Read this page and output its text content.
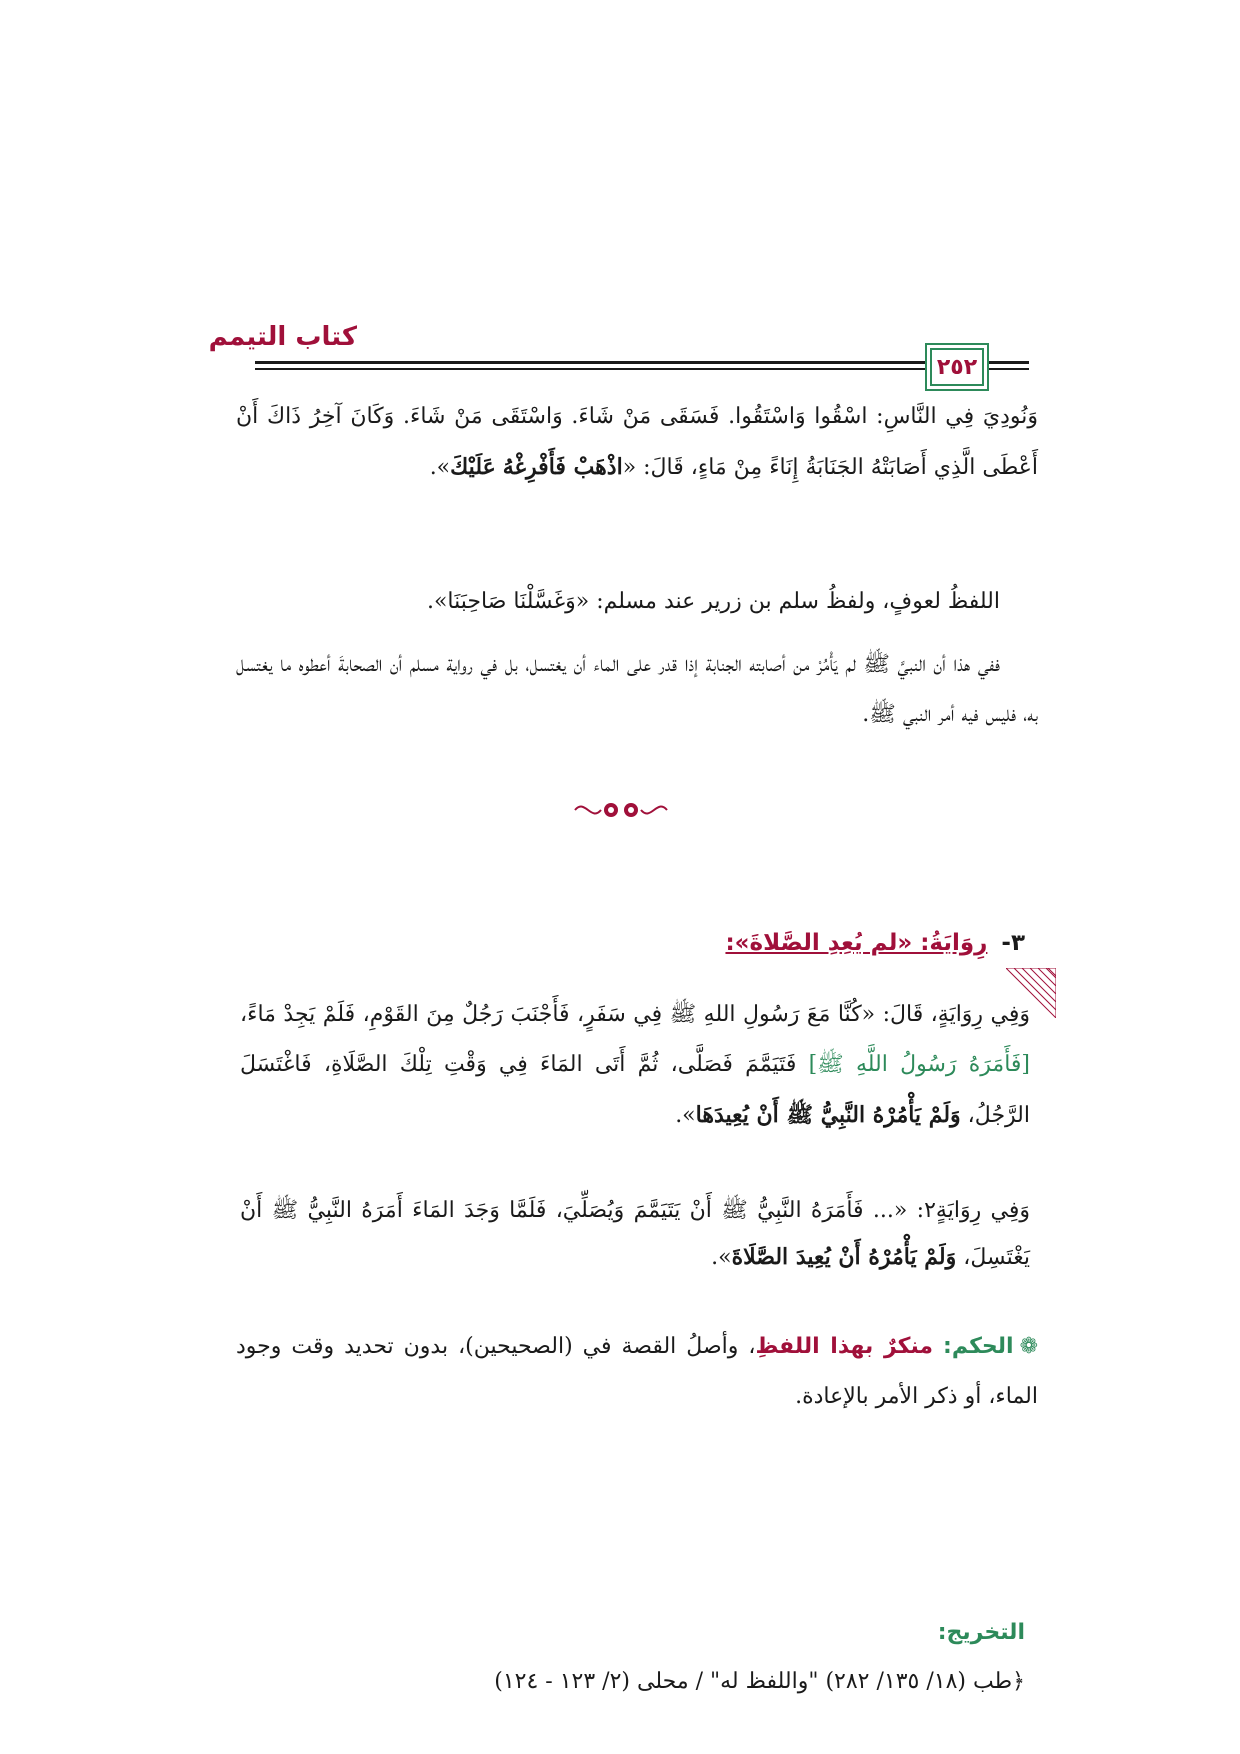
كتاب التيمم
٢٥٢
وَنُودِيَ فِي النَّاسِ: اسْقُوا وَاسْتَقُوا. فَسَقَى مَنْ شَاءَ. وَاسْتَقَى مَنْ شَاءَ. وَكَانَ آخِرُ ذَاكَ أَنْ أَعْطَى الَّذِي أَصَابَتْهُ الجَنَابَةُ إِنَاءً مِنْ مَاءٍ، قَالَ: «اذْهَبْ فَأَفْرِغْهُ عَلَيْكَ».
اللفظُ لعوفٍ، ولفظُ سلم بن زرير عند مسلم: «وَغَسَّلْنَا صَاحِبَنَا».
ففي هذا أن النبيَّ ﷺ لم يَأْمُرْ من أصابته الجنابة إذا قدر على الماء أن يغتسل، بل في رواية مسلم أن الصحابةَ أعطوه ما يغتسل به، فليس فيه أمر النبي ﷺ.
٣-رِوَايَةُ: «لم يُعِدِ الصَّلاةَ»:
وَفِي رِوَايَةٍ، قَالَ: «كُنَّا مَعَ رَسُولِ اللهِ ﷺ فِي سَفَرٍ، فَأَجْنَبَ رَجُلٌ مِنَ القَوْمِ، فَلَمْ يَجِدْ مَاءً، [فَأَمَرَهُ رَسُولُ اللَّهِ ﷺ] فَتَيَمَّمَ فَصَلَّى، ثُمَّ أَتَى المَاءَ فِي وَقْتِ تِلْكَ الصَّلَاةِ، فَاغْتَسَلَ الرَّجُلُ، وَلَمْ يَأْمُرْهُ النَّبِيُّ ﷺ أَنْ يُعِيدَهَا».
وَفِي رِوَايَةٍ٢: «... فَأَمَرَهُ النَّبِيُّ ﷺ أَنْ يَتَيَمَّمَ وَيُصَلِّيَ، فَلَمَّا وَجَدَ المَاءَ أَمَرَهُ النَّبِيُّ ﷺ أَنْ يَغْتَسِلَ، وَلَمْ يَأْمُرْهُ أَنْ يُعِيدَ الصَّلَاةَ».
❁الحكم: منكرٌ بهذا اللفظِ، وأصلُ القصة في (الصحيحين)، بدون تحديد وقت وجود الماء، أو ذكر الأمر بالإعادة.
التخريج:
﴿طب (١٨/ ١٣٥/ ٢٨٢) "واللفظ له" / محلى (٢/ ١٢٣ - ١٢٤)
